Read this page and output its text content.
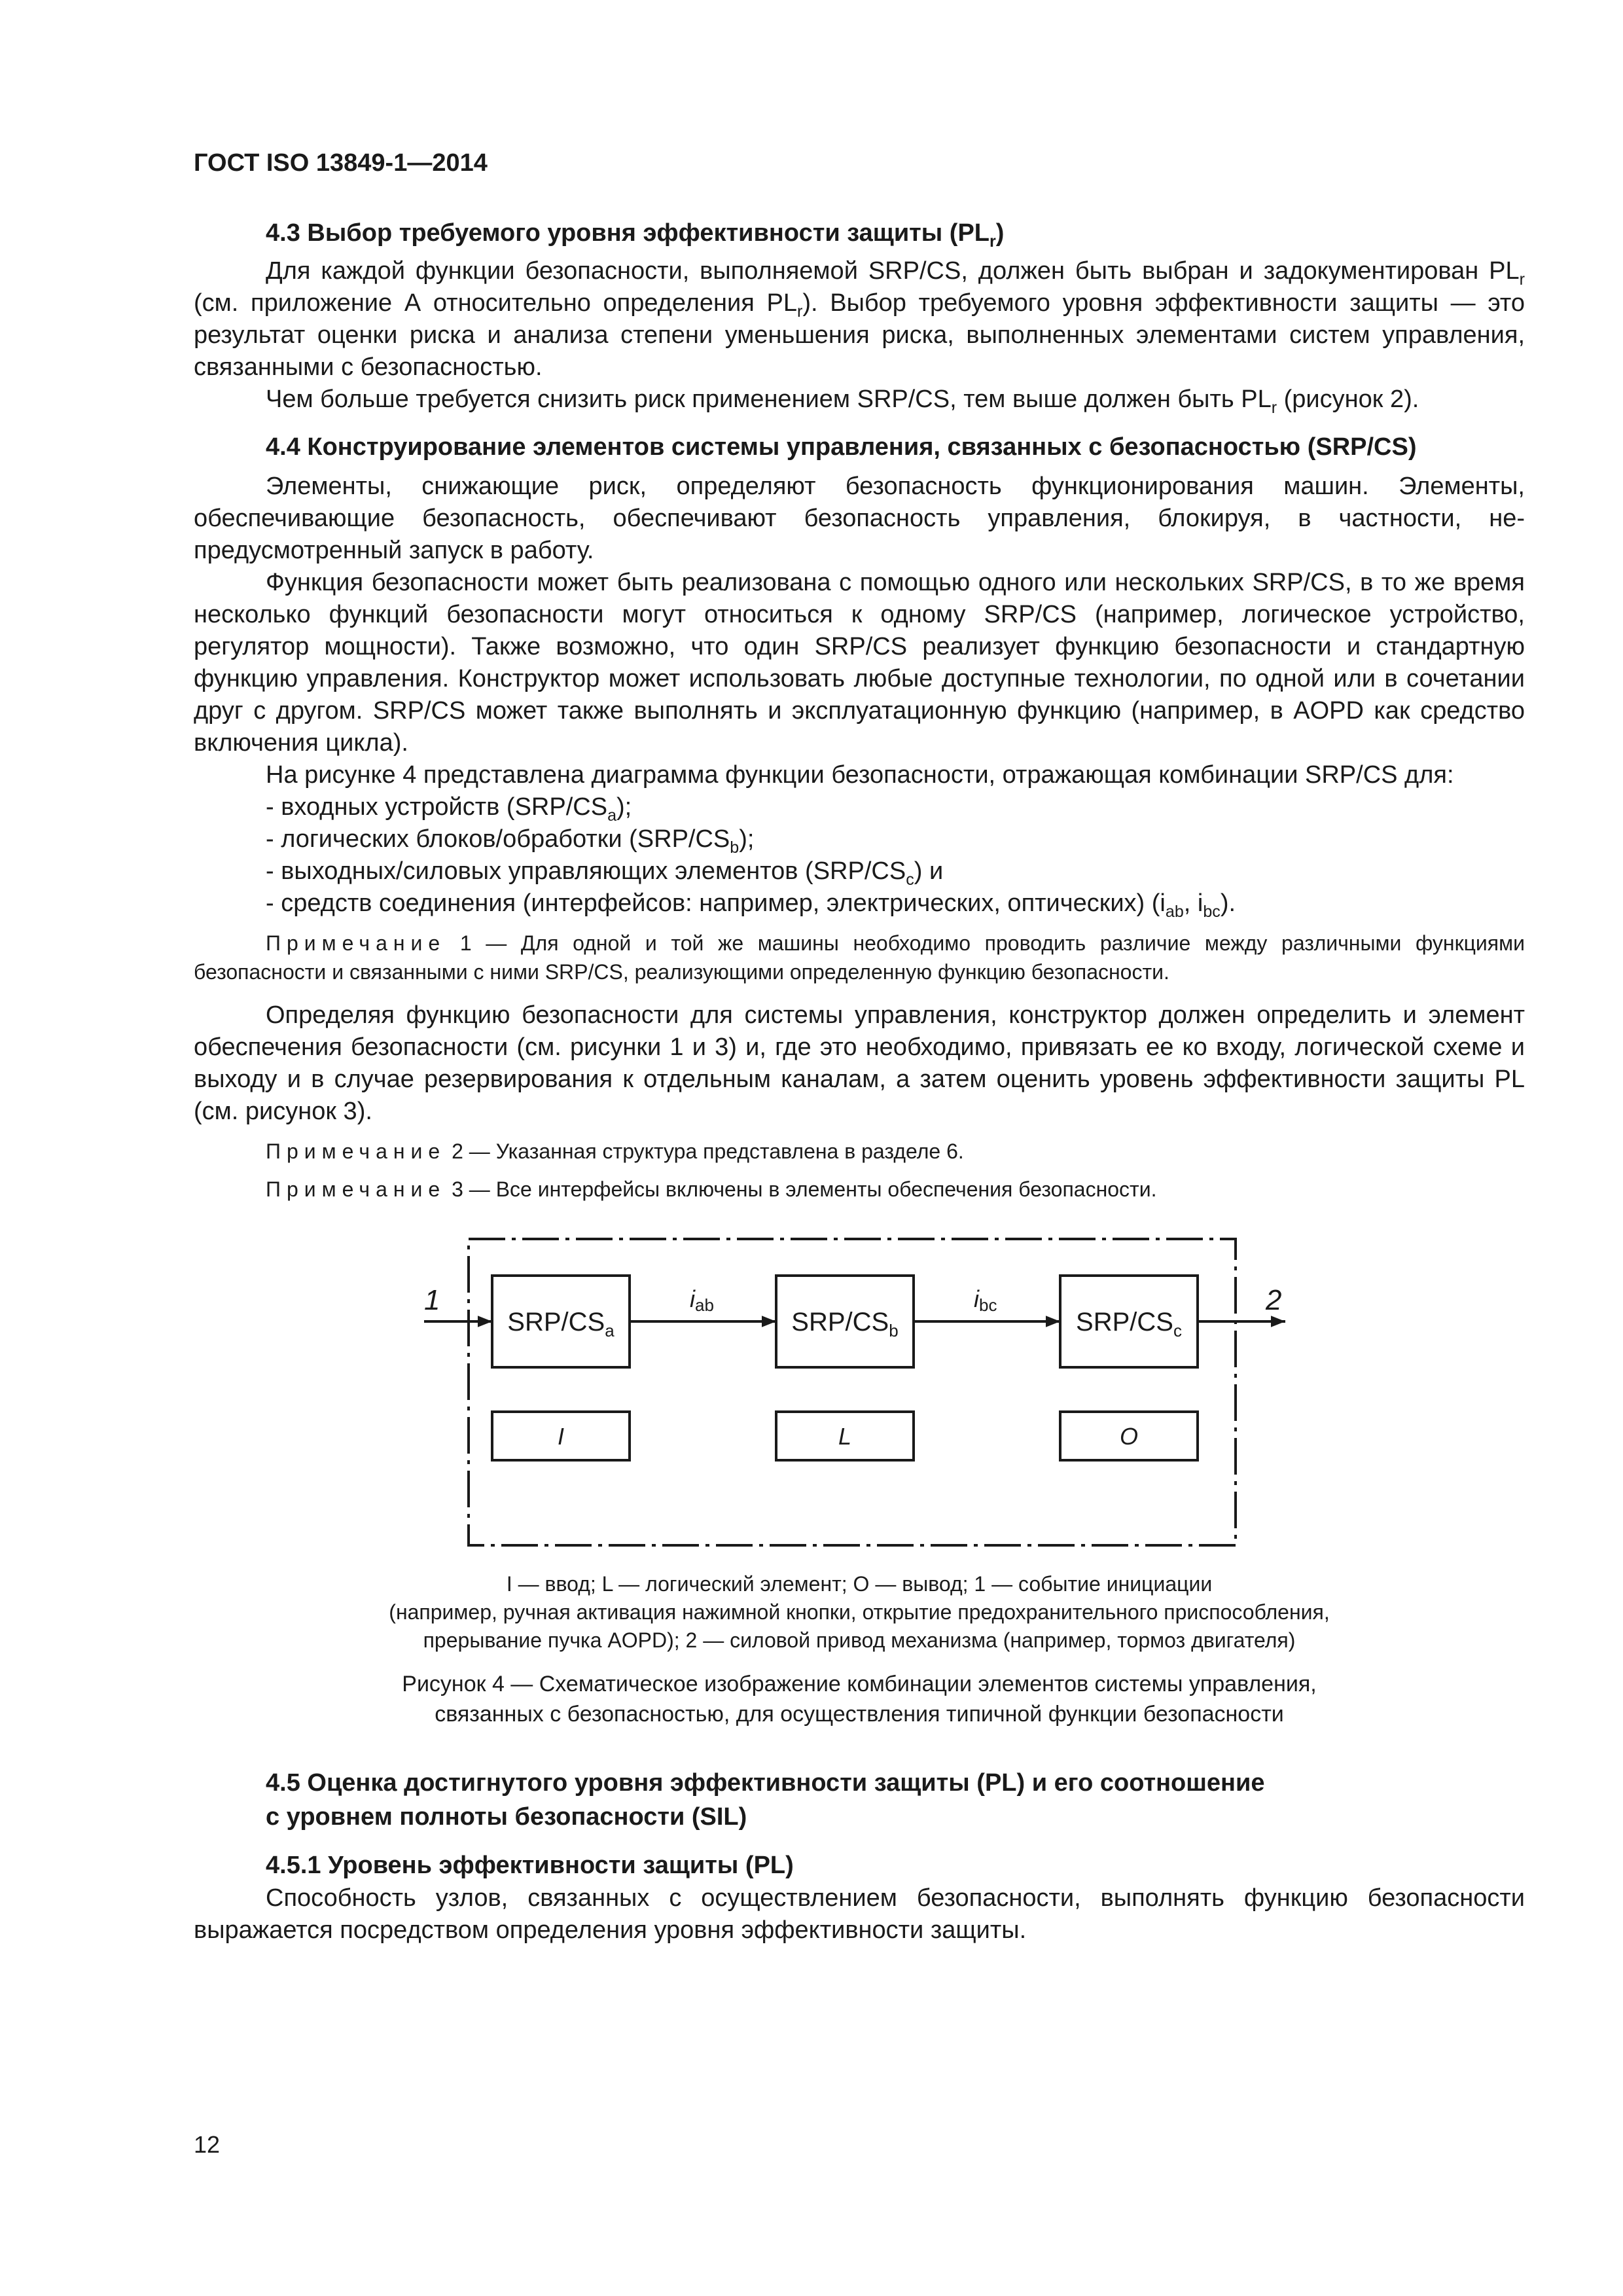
ГОСТ ISO 13849-1—2014
4.3 Выбор требуемого уровня эффективности защиты $(PL_r)$

Для каждой функции безопасности, выполняемой SRP/CS, должен быть выбран и задокументирован $PL_r$ (см. приложение А относительно определения $PL_r$). Выбор требуемого уровня эффективности защиты — это результат оценки риска и анализа степени уменьшения риска, выполненных элементами систем управления, связанными с безопасностью.

Чем больше требуется снизить риск применением SRP/CS, тем выше должен быть $PL_r$ (рисунок 2).

4.4 Конструирование элементов системы управления, связанных с безопасностью (SRP/CS)

Элементы, снижающие риск, определяют безопасность функционирования машин. Элементы, обеспечивающие безопасность, обеспечивают безопасность управления, блокируя, в частности, непредусмотренный запуск в работу.

Функция безопасности может быть реализована с помощью одного или нескольких SRP/CS, в то же время несколько функций безопасности могут относиться к одному SRP/CS (например, логическое устройство, регулятор мощности). Также возможно, что один SRP/CS реализует функцию безопасности и стандартную функцию управления. Конструктор может использовать любые доступные технологии, по одной или в сочетании друг с другом. SRP/CS может также выполнять и эксплуатационную функцию (например, в AOPD как средство включения цикла).

На рисунке 4 представлена диаграмма функции безопасности, отражающая комбинации SRP/CS для:

- входных устройств $(SRP/CS_a)$;
- логических блоков/обработки $(SRP/CS_b)$;
- выходных/силовых управляющих элементов $(SRP/CS_c)$ и
- средств соединения (интерфейсов: например, электрических, оптических) ($i_{ab}$, $i_{bc}$).
Примечание 1 — Для одной и той же машины необходимо проводить различие между различными функциями безопасности и связанными с ними SRP/CS, реализующими определенную функцию безопасности.

Определяя функцию безопасности для системы управления, конструктор должен определить и элемент обеспечения безопасности (см. рисунки 1 и 3) и, где это необходимо, привязать ее ко входу, логической схеме и выходу и в случае резервирования к отдельным каналам, а затем оценить уровень эффективности защиты PL (см. рисунок 3).

Примечание 2 — Указанная структура представлена в разделе 6.
Примечание 3 — Все интерфейсы включены в элементы обеспечения безопасности.
1	2
SRP/$CS_a$	SRP/$CS_b$	SRP/$CS_c$
iab	ibc
I	L	O
I — ввод; L — логический элемент; O — вывод; 1 — событие инициации
(например, ручная активация нажимной кнопки, открытие предохранительного приспособления,
прерывание пучка AOPD); 2 — силовой привод механизма (например, тормоз двигателя)
Рисунок 4 — Схематическое изображение комбинации элементов системы управления,
связанных с безопасностью, для осуществления типичной функции безопасности
4.5 Оценка достигнутого уровня эффективности защиты (PL) и его соотношение
с уровнем полноты безопасности (SIL)
4.5.1 Уровень эффективности защиты (PL)

Способность узлов, связанных с осуществлением безопасности, выполнять функцию безопасности выражается посредством определения уровня эффективности защиты.

12
